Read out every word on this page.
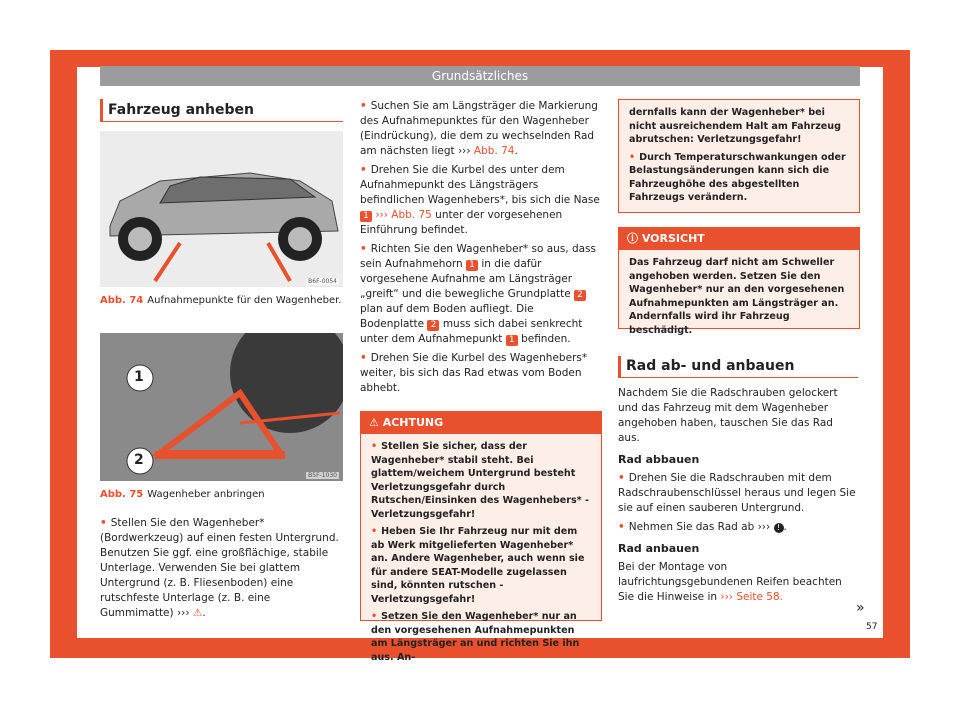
Grundsätzliches
Fahrzeug anheben
B6F-0054
Abb. 74 Aufnahmepunkte für den Wagenheber.
1
2
B5F-1030
Abb. 75 Wagenheber anbringen

• Stellen Sie den Wagenheber* (Bordwerkzeug) auf einen festen Untergrund. Benutzen Sie ggf. eine großflächige, stabile Unterlage. Verwenden Sie bei glattem Untergrund (z. B. Fliesenboden) eine rutschfeste Unterlage (z. B. eine Gummimatte) ››› ⚠.

• Suchen Sie am Längsträger die Markierung des Aufnahmepunktes für den Wagenheber (Eindrückung), die dem zu wechselnden Rad am nächsten liegt ››› Abb. 74.

• Drehen Sie die Kurbel des unter dem Aufnahmepunkt des Längsträgers befindlichen Wagenhebers*, bis sich die Nase 1 ››› Abb. 75 unter der vorgesehenen Einführung befindet.

• Richten Sie den Wagenheber* so aus, dass sein Aufnahmehorn 1 in die dafür vorgesehene Aufnahme am Längsträger „greift“ und die bewegliche Grundplatte 2 plan auf dem Boden aufliegt. Die Bodenplatte 2 muss sich dabei senkrecht unter dem Aufnahmepunkt 1 befinden.

• Drehen Sie die Kurbel des Wagenhebers* weiter, bis sich das Rad etwas vom Boden abhebt.

⚠ ACHTUNG

• Stellen Sie sicher, dass der Wagenheber* stabil steht. Bei glattem/weichem Untergrund besteht Verletzungsgefahr durch Rutschen/Einsinken des Wagenhebers* - Verletzungsgefahr!

• Heben Sie Ihr Fahrzeug nur mit dem ab Werk mitgelieferten Wagenheber* an. Andere Wagenheber, auch wenn sie für andere SEAT-Modelle zugelassen sind, könnten rutschen - Verletzungsgefahr!

• Setzen Sie den Wagenheber* nur an den vorgesehenen Aufnahmepunkten am Längsträger an und richten Sie ihn aus. An-

dernfalls kann der Wagenheber* bei nicht ausreichendem Halt am Fahrzeug abrutschen: Verletzungsgefahr!

• Durch Temperaturschwankungen oder Belastungsänderungen kann sich die Fahrzeughöhe des abgestellten Fahrzeugs verändern.

ⓘ VORSICHT

Das Fahrzeug darf nicht am Schweller angehoben werden. Setzen Sie den Wagenheber* nur an den vorgesehenen Aufnahmepunkten am Längsträger an. Andernfalls wird ihr Fahrzeug beschädigt.

Rad ab- und anbauen

Nachdem Sie die Radschrauben gelockert und das Fahrzeug mit dem Wagenheber angehoben haben, tauschen Sie das Rad aus.

Rad abbauen

• Drehen Sie die Radschrauben mit dem Radschraubenschlüssel heraus und legen Sie sie auf einen sauberen Untergrund.

• Nehmen Sie das Rad ab ››› ! .

Rad anbauen

Bei der Montage von laufrichtungsgebundenen Reifen beachten Sie die Hinweise in ››› Seite 58.

»
57
